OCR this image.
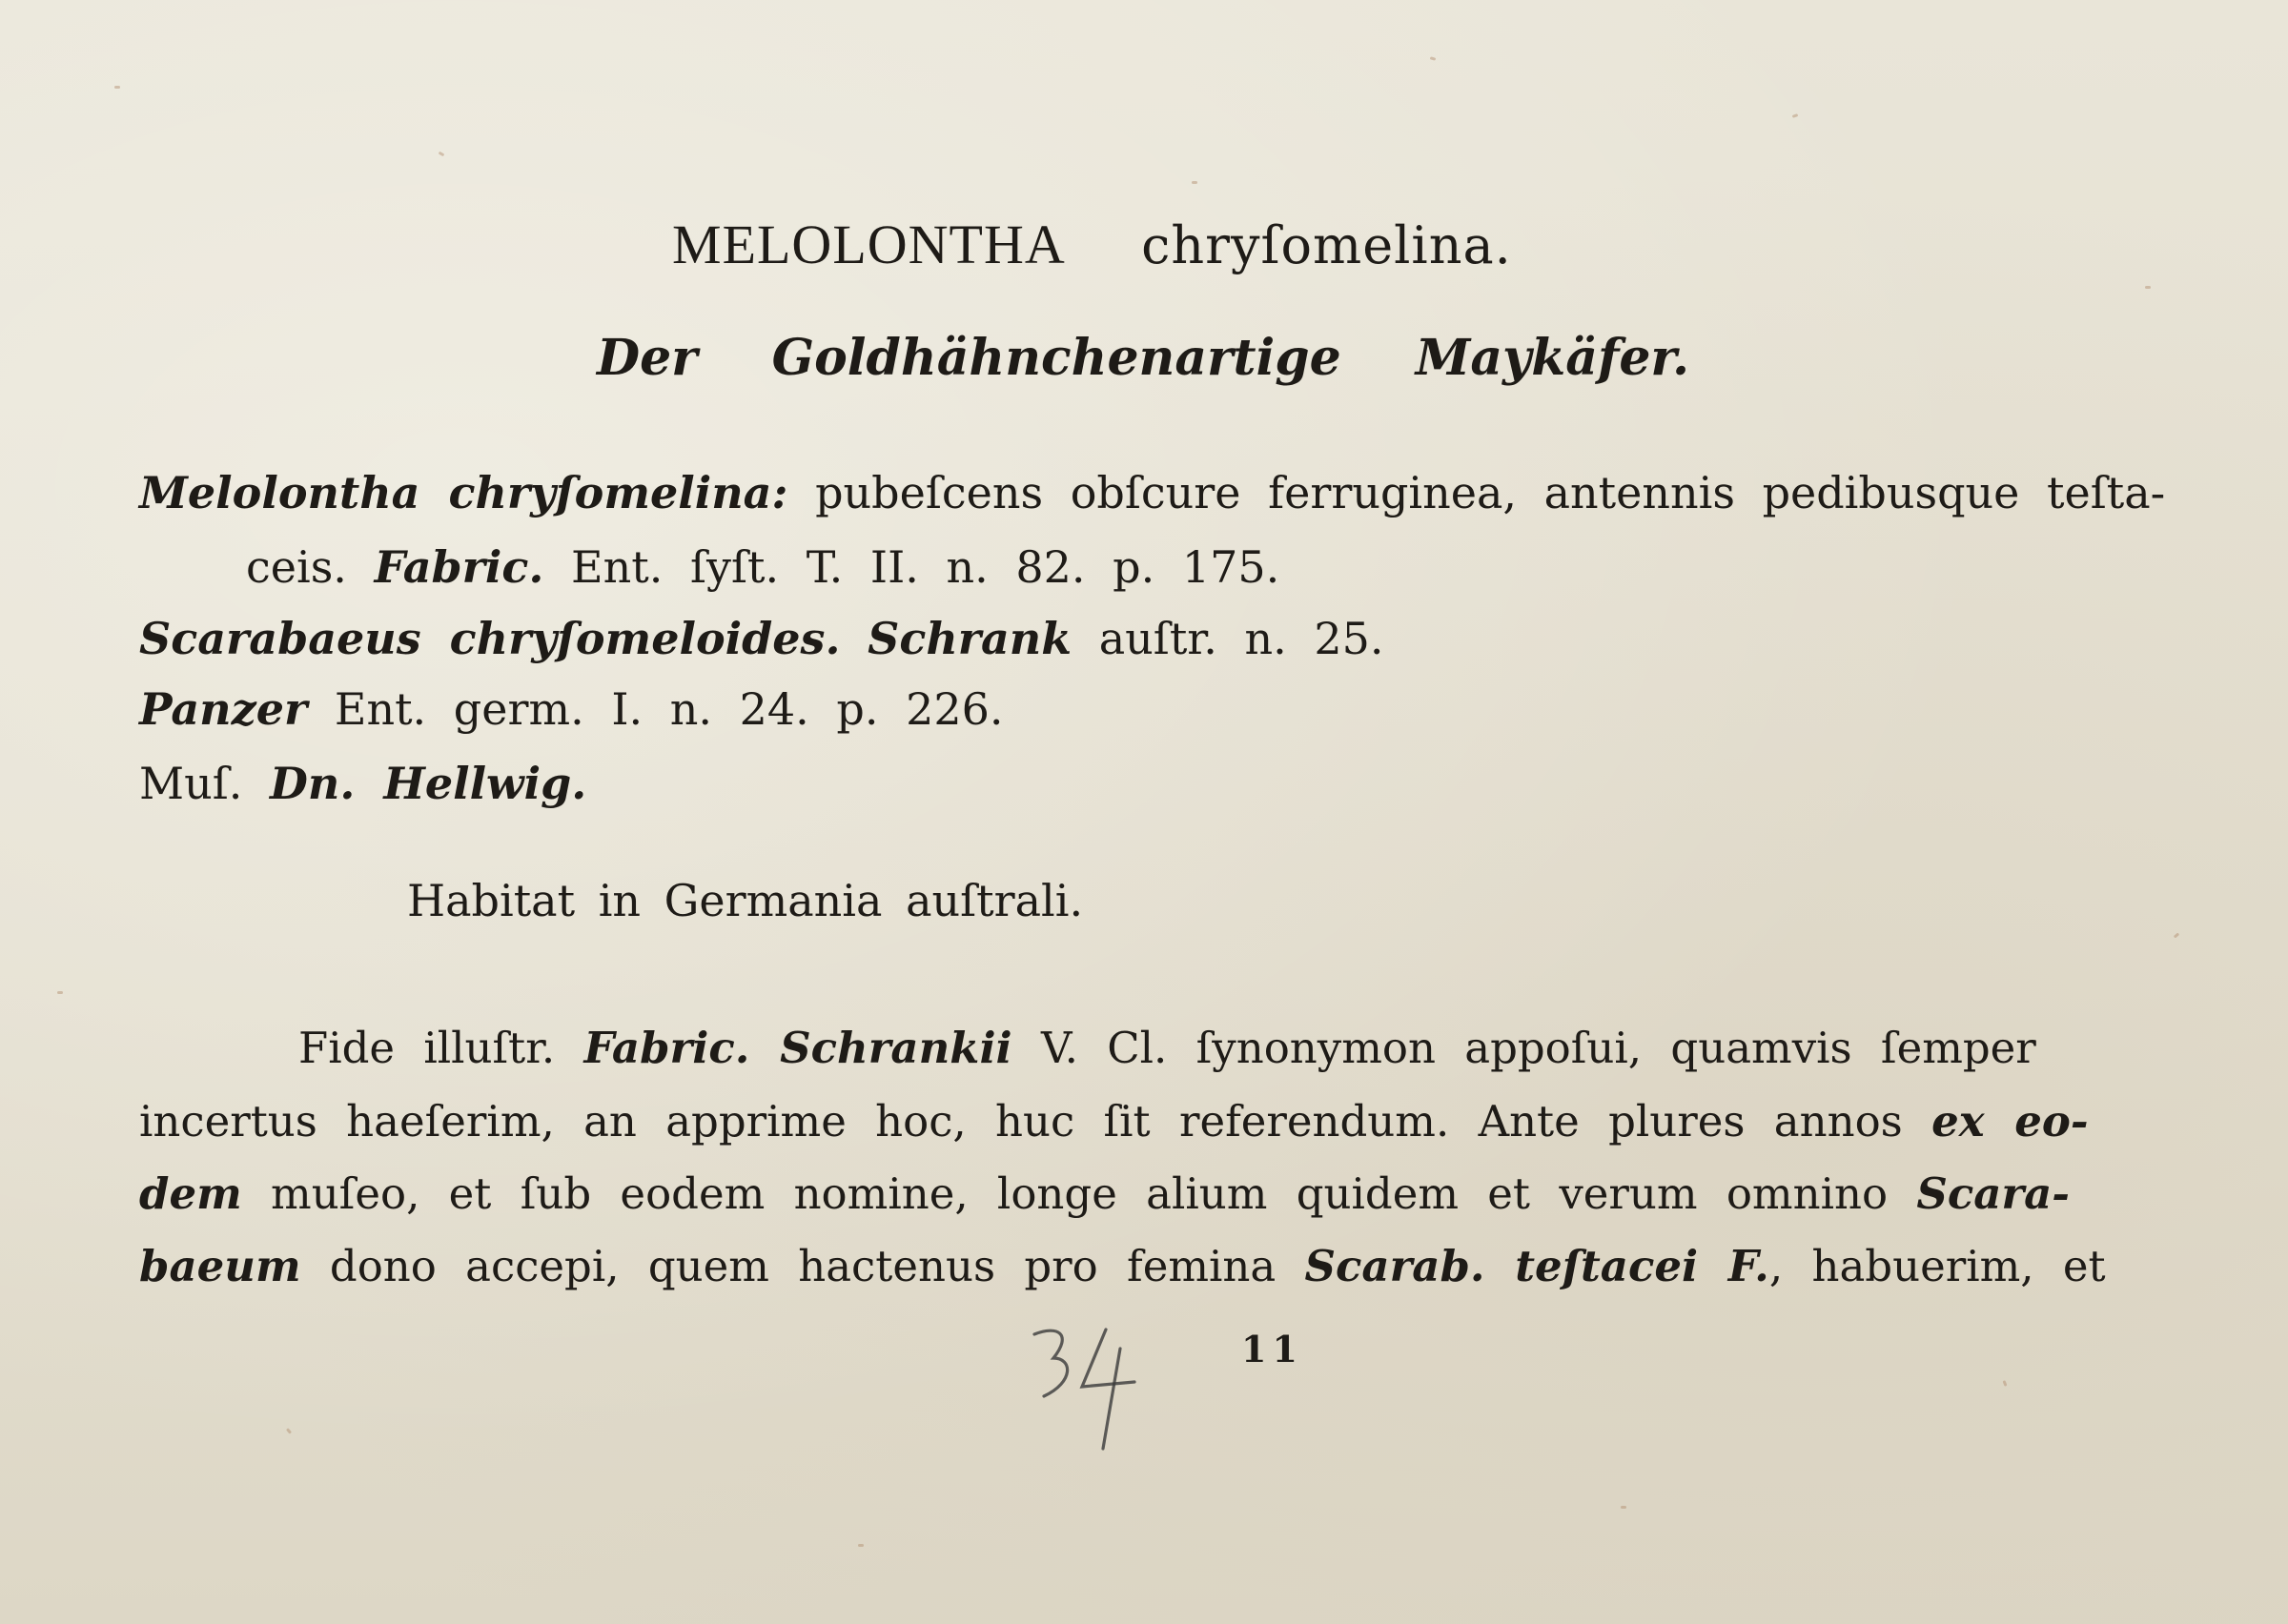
MELOLONTHA chryſomelina.
Der Goldhähnchenartige Maykäfer.
Melolontha chryſomelina: pubeſcens obſcure ferruginea, antennis pedibusque teſta-
ceis. Fabric. Ent. ſyſt. T. II. n. 82. p. 175.
Scarabaeus chryſomeloides. Schrank auſtr. n. 25.
Panzer Ent. germ. I. n. 24. p. 226.
Muſ. Dn. Hellwig.
Habitat in Germania auſtrali.
Fide illuſtr. Fabric. Schrankii V. Cl. ſynonymon appoſui, quamvis ſemper
incertus haeſerim, an apprime hoc, huc ſit referendum. Ante plures annos ex eo-
dem muſeo, et ſub eodem nomine, longe alium quidem et verum omnino Scara-
baeum dono accepi, quem hactenus pro femina Scarab. teſtacei F., habuerim, et
11
